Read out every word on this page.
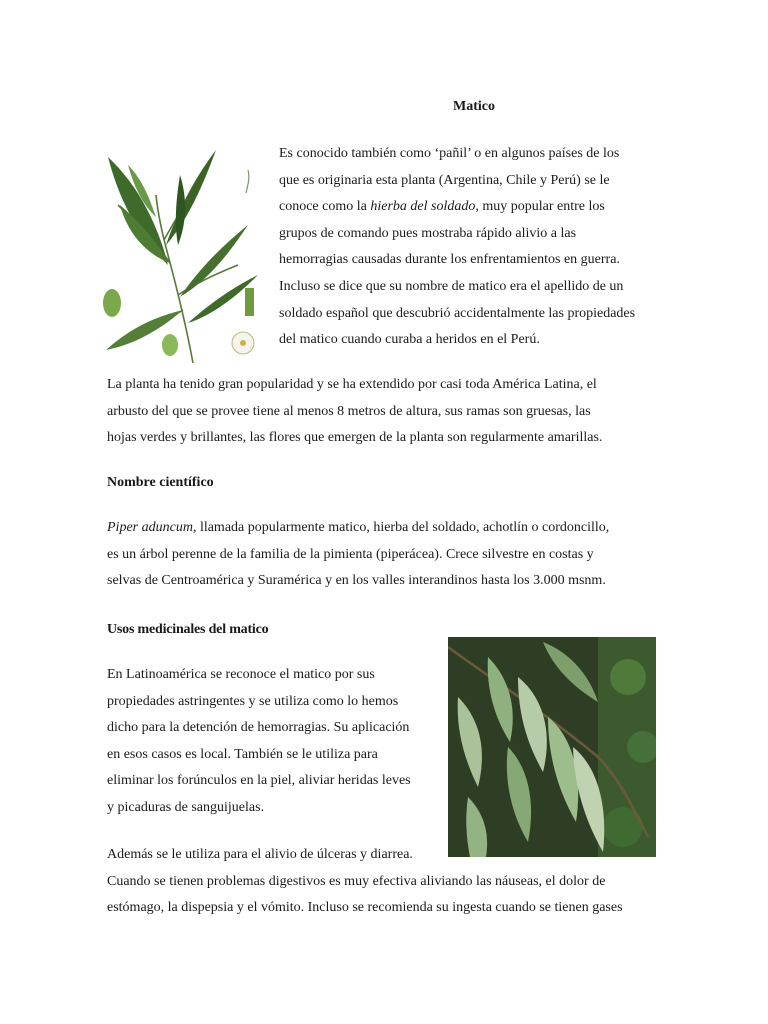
Matico

Es conocido también como ‘pañil’ o en algunos países de los
que es originaria esta planta (Argentina, Chile y Perú) se le
conoce como la hierba del soldado, muy popular entre los
grupos de comando pues mostraba rápido alivio a las
hemorragias causadas durante los enfrentamientos en guerra.
Incluso se dice que su nombre de matico era el apellido de un
soldado español que descubrió accidentalmente las propiedades
del matico cuando curaba a heridos en el Perú.

La planta ha tenido gran popularidad y se ha extendido por casi toda América Latina, el
arbusto del que se provee tiene al menos 8 metros de altura, sus ramas son gruesas, las
hojas verdes y brillantes, las flores que emergen de la planta son regularmente amarillas.

Nombre científico

Piper aduncum, llamada popularmente matico, hierba del soldado, achotlín o cordoncillo,
es un árbol perenne de la familia de la pimienta (piperácea). Crece silvestre en costas y
selvas de Centroamérica y Suramérica y en los valles interandinos hasta los 3.000 msnm.

Usos medicinales del matico

En Latinoamérica se reconoce el matico por sus
propiedades astringentes y se utiliza como lo hemos
dicho para la detención de hemorragias. Su aplicación
en esos casos es local. También se le utiliza para
eliminar los forúnculos en la piel, aliviar heridas leves
y picaduras de sanguijuelas.

Además se le utiliza para el alivio de úlceras y diarrea.
Cuando se tienen problemas digestivos es muy efectiva aliviando las náuseas, el dolor de
estómago, la dispepsia y el vómito. Incluso se recomienda su ingesta cuando se tienen gases
